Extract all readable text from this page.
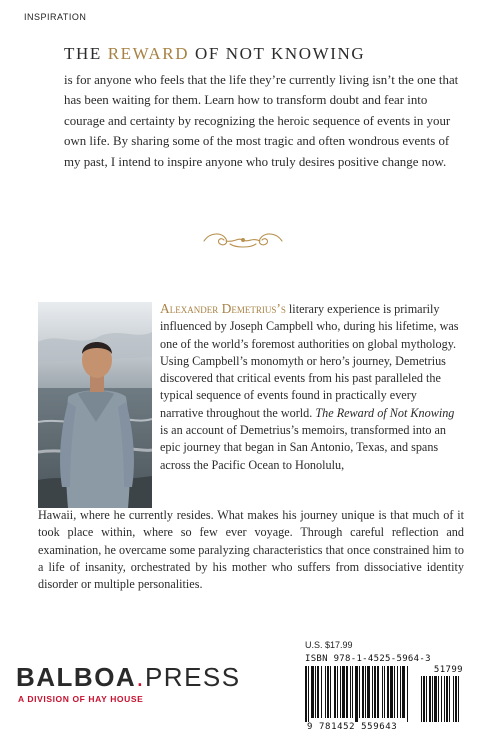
INSPIRATION
THE REWARD OF NOT KNOWING

is for anyone who feels that the life they’re currently living isn’t the one that has been waiting for them. Learn how to transform doubt and fear into courage and certainty by recognizing the heroic sequence of events in your own life. By sharing some of the most tragic and often wondrous events of my past, I intend to inspire anyone who truly desires positive change now.

Alexander Demetrius’s literary experience is primarily influenced by Joseph Campbell who, during his lifetime, was one of the world’s foremost authorities on global mythology. Using Campbell’s monomyth or hero’s journey, Demetrius discovered that critical events from his past paralleled the typical sequence of events found in practically every narrative throughout the world. The Reward of Not Knowing is an account of Demetrius’s memoirs, transformed into an epic journey that began in San Antonio, Texas, and spans across the Pacific Ocean to Honolulu,

Hawaii, where he currently resides. What makes his journey unique is that much of it took place within, where so few ever voyage. Through careful reflection and examination, he overcame some paralyzing characteristics that once constrained him to a life of insanity, orchestrated by his mother who suffers from dissociative identity disorder or multiple personalities.

U.S. $17.99
ISBN 978-1-4525-5964-3
51799
9 781452 559643
BALBOA.PRESS
A DIVISION OF HAY HOUSE
